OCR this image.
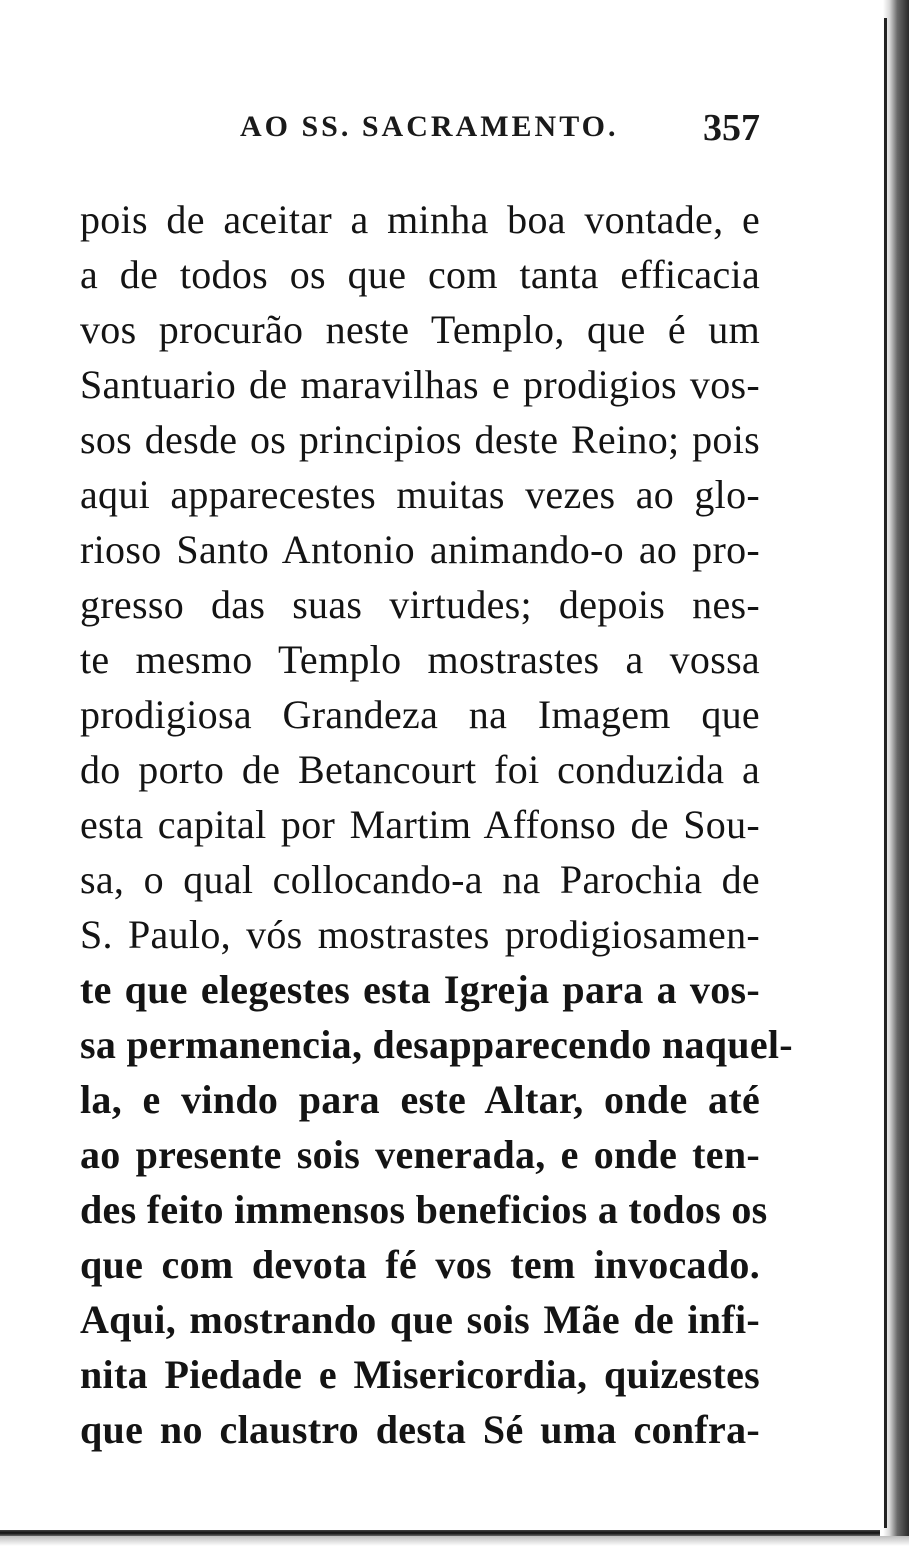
AO SS. SACRAMENTO. 357
pois de aceitar a minha boa vontade, e
a de todos os que com tanta efficacia
vos procurão neste Templo, que é um
Santuario de maravilhas e prodigios vos-
sos desde os principios deste Reino; pois
aqui apparecestes muitas vezes ao glo-
rioso Santo Antonio animando-o ao pro-
gresso das suas virtudes; depois nes-
te mesmo Templo mostrastes a vossa
prodigiosa Grandeza na Imagem que
do porto de Betancourt foi conduzida a
esta capital por Martim Affonso de Sou-
sa, o qual collocando-a na Parochia de
S. Paulo, vós mostrastes prodigiosamen-
te que elegestes esta Igreja para a vos-
sa permanencia, desapparecendo naquel-
la, e vindo para este Altar, onde até
ao presente sois venerada, e onde ten-
des feito immensos beneficios a todos os
que com devota fé vos tem invocado.
Aqui, mostrando que sois Mãe de infi-
nita Piedade e Misericordia, quizestes
que no claustro desta Sé uma confra-
